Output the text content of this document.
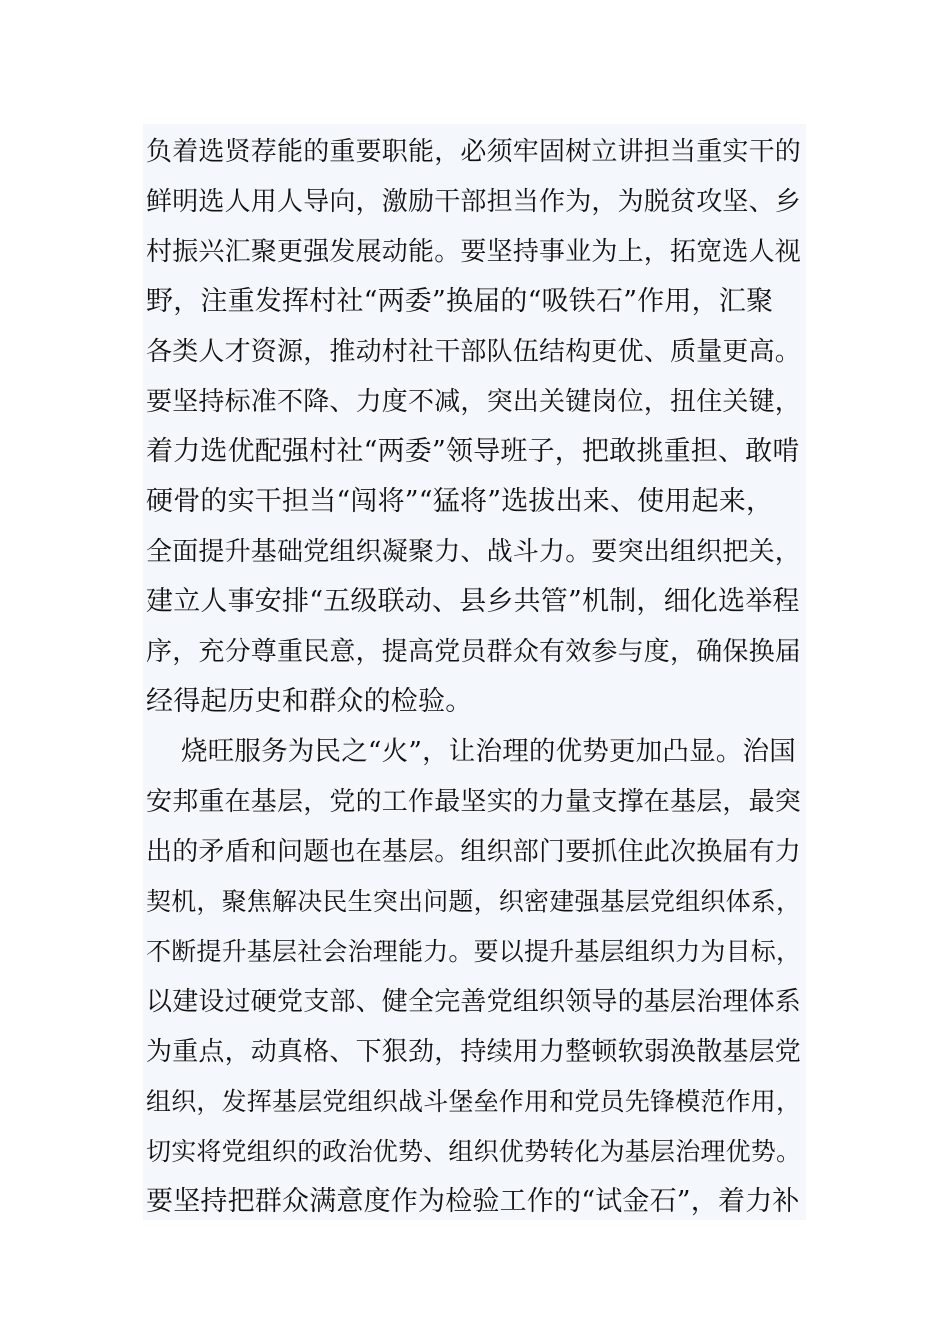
负着选贤荐能的重要职能，必须牢固树立讲担当重实干的
鲜明选人用人导向，激励干部担当作为，为脱贫攻坚、乡
村振兴汇聚更强发展动能。要坚持事业为上，拓宽选人视
野，注重发挥村社“两委”换届的“吸铁石”作用，汇聚
各类人才资源，推动村社干部队伍结构更优、质量更高。
要坚持标准不降、力度不减，突出关键岗位，扭住关键，
着力选优配强村社“两委”领导班子，把敢挑重担、敢啃
硬骨的实干担当“闯将”“猛将”选拔出来、使用起来，
全面提升基础党组织凝聚力、战斗力。要突出组织把关，
建立人事安排“五级联动、县乡共管”机制，细化选举程
序，充分尊重民意，提高党员群众有效参与度，确保换届
经得起历史和群众的检验。
烧旺服务为民之“火”，让治理的优势更加凸显。治国
安邦重在基层，党的工作最坚实的力量支撑在基层，最突
出的矛盾和问题也在基层。组织部门要抓住此次换届有力
契机，聚焦解决民生突出问题，织密建强基层党组织体系，
不断提升基层社会治理能力。要以提升基层组织力为目标，
以建设过硬党支部、健全完善党组织领导的基层治理体系
为重点，动真格、下狠劲，持续用力整顿软弱涣散基层党
组织，发挥基层党组织战斗堡垒作用和党员先锋模范作用，
切实将党组织的政治优势、组织优势转化为基层治理优势。
要坚持把群众满意度作为检验工作的“试金石”，着力补
